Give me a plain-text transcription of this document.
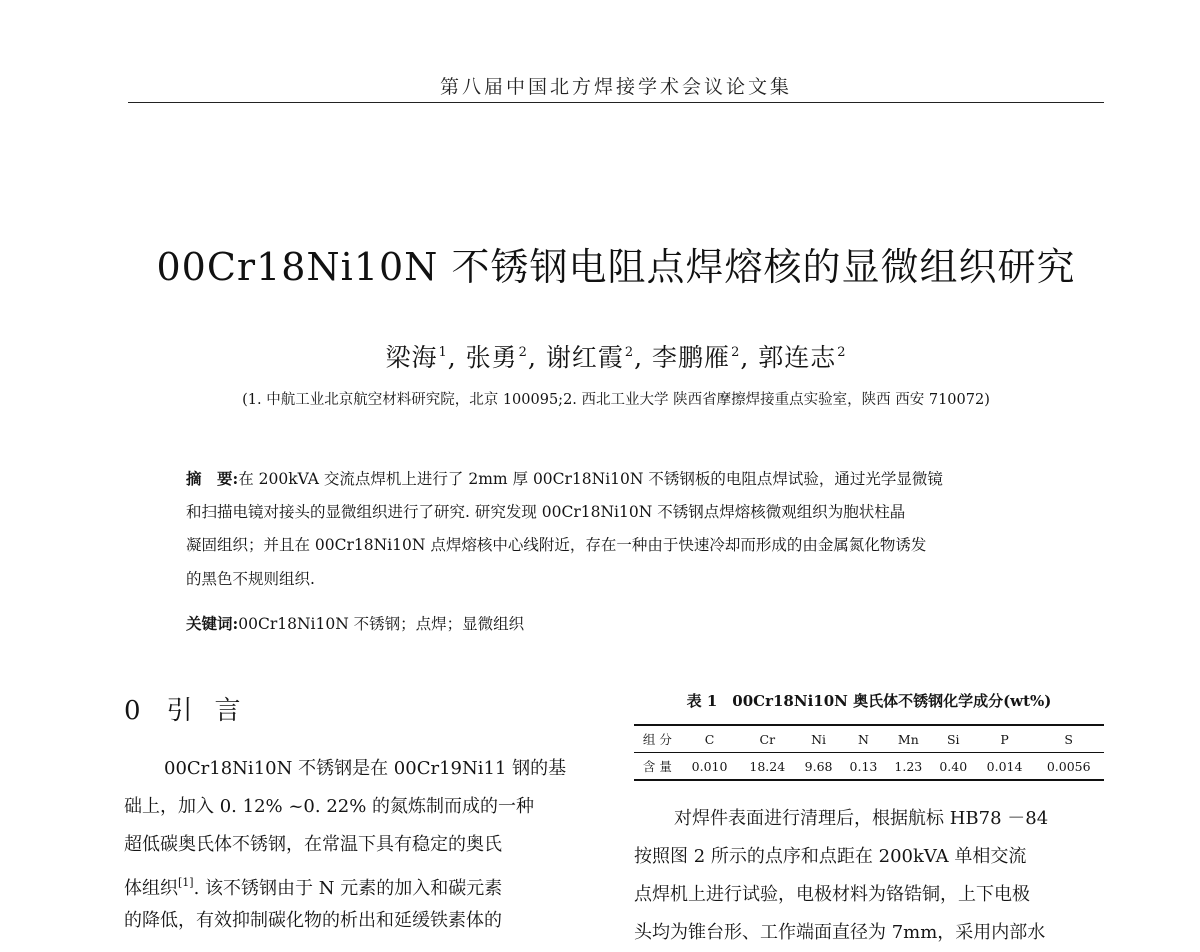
第八届中国北方焊接学术会议论文集
00Cr18Ni10N 不锈钢电阻点焊熔核的显微组织研究
梁海$^1$, 张勇$^2$, 谢红霞$^2$, 李鹏雁$^2$, 郭连志$^2$
(1. 中航工业北京航空材料研究院，北京 100095;2. 西北工业大学 陕西省摩擦焊接重点实验室，陕西 西安 710072)
摘　要:在 200kVA 交流点焊机上进行了 2mm 厚 00Cr18Ni10N 不锈钢板的电阻点焊试验，通过光学显微镜
和扫描电镜对接头的显微组织进行了研究. 研究发现 00Cr18Ni10N 不锈钢点焊熔核微观组织为胞状柱晶
凝固组织；并且在 00Cr18Ni10N 点焊熔核中心线附近，存在一种由于快速冷却而形成的由金属氮化物诱发
的黑色不规则组织.
关键词:00Cr18Ni10N 不锈钢；点焊；显微组织
0 引言
00Cr18Ni10N 不锈钢是在 00Cr19Ni11 钢的基
础上，加入 0. 12% ~0. 22% 的氮炼制而成的一种
超低碳奥氏体不锈钢，在常温下具有稳定的奥氏
体组织[1]. 该不锈钢由于 N 元素的加入和碳元素
的降低，有效抑制碳化物的析出和延缓铁素体的
表 1　00Cr18Ni10N 奥氏体不锈钢化学成分(wt%)
组 分	C	Cr	Ni	N	Mn	Si	P	S
含 量	0.010	18.24	9.68	0.13	1.23	0.40	0.014	0.0056
对焊件表面进行清理后，根据航标 HB78 －84
按照图 2 所示的点序和点距在 200kVA 单相交流
点焊机上进行试验，电极材料为铬锆铜，上下电极
头均为锥台形、工作端面直径为 7mm，采用内部水
